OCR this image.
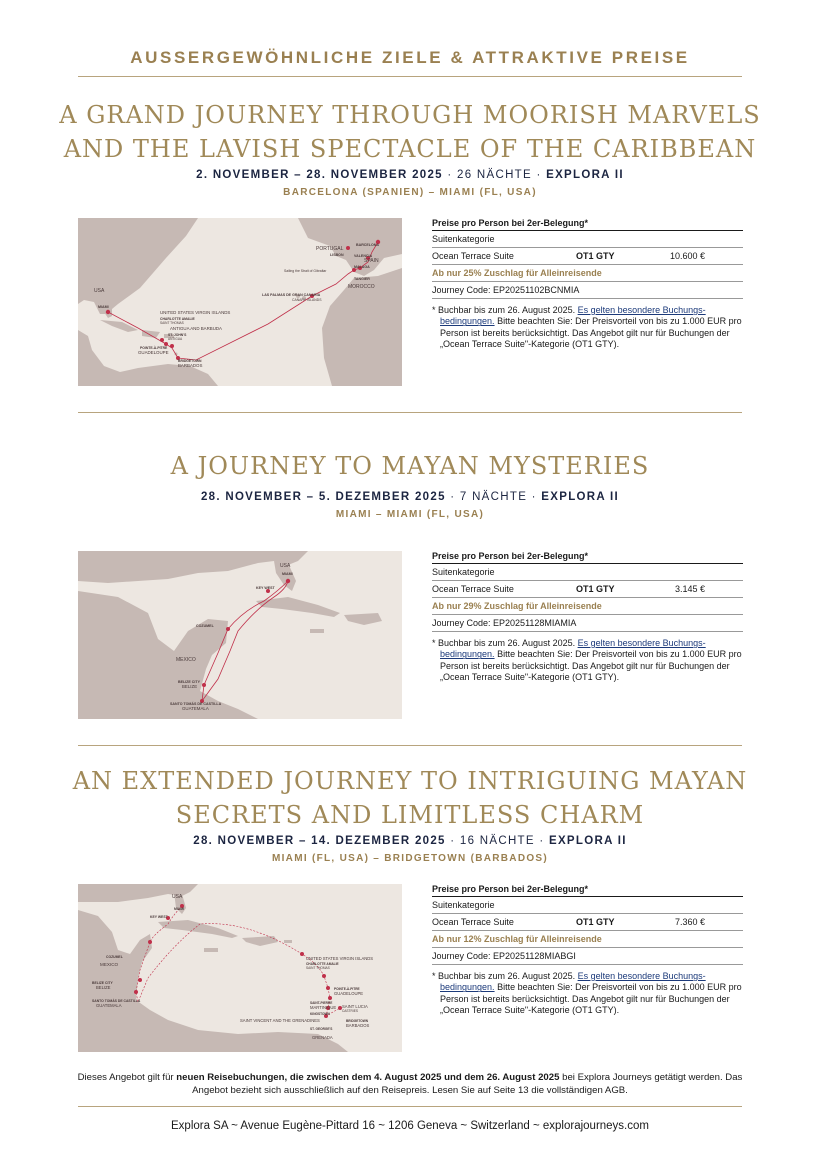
AUSSERGEWÖHNLICHE ZIELE & ATTRAKTIVE PREISE
A GRAND JOURNEY THROUGH MOORISH MARVELS
AND THE LAVISH SPECTACLE OF THE CARIBBEAN
2. NOVEMBER – 28. NOVEMBER 2025 · 26 NÄCHTE · EXPLORA II
BARCELONA (SPANIEN) – MIAMI (FL, USA)
USA
MIAMI
PORTUGAL
LISBON
BARCELONA
VALENCIA
SPAIN
MALAGA
Sailing the Strait of Gibraltar
TANGIER
MOROCCO
LAS PALMAS DE GRAN CANARIA
CANARY ISLANDS
UNITED STATES VIRGIN ISLANDS
CHARLOTTE AMALIE
SAINT THOMAS
ANTIGUA AND BARBUDA
ST. JOHN'S
ANTIGUA
POINTE-À-PITRE
GUADELOUPE
BRIDGETOWN
BARBADOS
Preise pro Person bei 2er-Belegung*
Suitenkategorie
Ocean Terrace Suite	OT1 GTY	10.600 €
Ab nur 25% Zuschlag für Alleinreisende
Journey Code: EP20251102BCNMIA
* Buchbar bis zum 26. August 2025. Es gelten besondere Buchungs-bedingungen. Bitte beachten Sie: Der Preisvorteil von bis zu 1.000 EUR pro Person ist bereits berücksichtigt. Das Angebot gilt nur für Buchungen der „Ocean Terrace Suite"-Kategorie (OT1 GTY).
A JOURNEY TO MAYAN MYSTERIES
28. NOVEMBER – 5. DEZEMBER 2025 · 7 NÄCHTE · EXPLORA II
MIAMI – MIAMI (FL, USA)
USA
MIAMI
KEY WEST
COZUMEL
MEXICO
BELIZE CITY
BELIZE
SANTO TOMÁS DE CASTILLA
GUATEMALA
Preise pro Person bei 2er-Belegung*
Suitenkategorie
Ocean Terrace Suite	OT1 GTY	3.145 €
Ab nur 29% Zuschlag für Alleinreisende
Journey Code: EP20251128MIAMIA
* Buchbar bis zum 26. August 2025. Es gelten besondere Buchungs-bedingungen. Bitte beachten Sie: Der Preisvorteil von bis zu 1.000 EUR pro Person ist bereits berücksichtigt. Das Angebot gilt nur für Buchungen der „Ocean Terrace Suite"-Kategorie (OT1 GTY).
AN EXTENDED JOURNEY TO INTRIGUING MAYAN
SECRETS AND LIMITLESS CHARM
28. NOVEMBER – 14. DEZEMBER 2025 · 16 NÄCHTE · EXPLORA II
MIAMI (FL, USA) – BRIDGETOWN (BARBADOS)
USA
MIAMI
KEY WEST
COZUMEL
MEXICO
BELIZE CITY
BELIZE
SANTO TOMÁS DE CASTILLA
GUATEMALA
UNITED STATES VIRGIN ISLANDS
CHARLOTTE AMALIE
SAINT THOMAS
POINTE-À-PITRE
GUADELOUPE
SAINT-PIERRE
MARTINIQUE SAINT LUCIA
CASTRIES
KINGSTOWN
SAINT VINCENT AND THE GRENADINES
ST. GEORGE'S
GRENADA
BRIDGETOWN
BARBADOS
Preise pro Person bei 2er-Belegung*
Suitenkategorie
Ocean Terrace Suite	OT1 GTY	7.360 €
Ab nur 12% Zuschlag für Alleinreisende
Journey Code: EP20251128MIABGI
* Buchbar bis zum 26. August 2025. Es gelten besondere Buchungs-bedingungen. Bitte beachten Sie: Der Preisvorteil von bis zu 1.000 EUR pro Person ist bereits berücksichtigt. Das Angebot gilt nur für Buchungen der „Ocean Terrace Suite"-Kategorie (OT1 GTY).
Dieses Angebot gilt für neuen Reisebuchungen, die zwischen dem 4. August 2025 und dem 26. August 2025 bei Explora Journeys getätigt werden. Das Angebot bezieht sich ausschließlich auf den Reisepreis. Lesen Sie auf Seite 13 die vollständigen AGB.
Explora SA ~ Avenue Eugène-Pittard 16 ~ 1206 Geneva ~ Switzerland ~ explorajourneys.com
